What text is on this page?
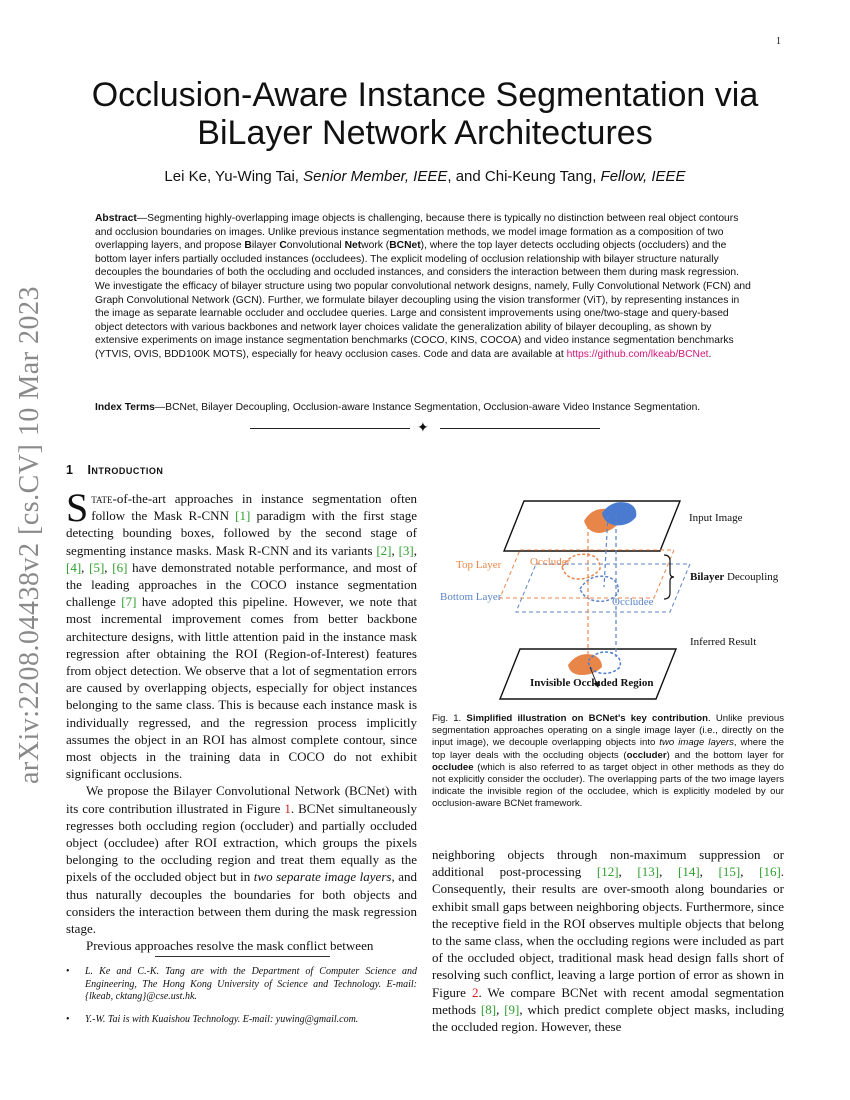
1
arXiv:2208.04438v2 [cs.CV] 10 Mar 2023
Occlusion-Aware Instance Segmentation via
BiLayer Network Architectures
Lei Ke, Yu-Wing Tai, Senior Member, IEEE, and Chi-Keung Tang, Fellow, IEEE
Abstract—Segmenting highly-overlapping image objects is challenging, because there is typically no distinction between real object contours and occlusion boundaries on images. Unlike previous instance segmentation methods, we model image formation as a composition of two overlapping layers, and propose Bilayer Convolutional Network (BCNet), where the top layer detects occluding objects (occluders) and the bottom layer infers partially occluded instances (occludees). The explicit modeling of occlusion relationship with bilayer structure naturally decouples the boundaries of both the occluding and occluded instances, and considers the interaction between them during mask regression. We investigate the efficacy of bilayer structure using two popular convolutional network designs, namely, Fully Convolutional Network (FCN) and Graph Convolutional Network (GCN). Further, we formulate bilayer decoupling using the vision transformer (ViT), by representing instances in the image as separate learnable occluder and occludee queries. Large and consistent improvements using one/two-stage and query-based object detectors with various backbones and network layer choices validate the generalization ability of bilayer decoupling, as shown by extensive experiments on image instance segmentation benchmarks (COCO, KINS, COCOA) and video instance segmentation benchmarks (YTVIS, OVIS, BDD100K MOTS), especially for heavy occlusion cases. Code and data are available at https://github.com/lkeab/BCNet.
Index Terms—BCNet, Bilayer Decoupling, Occlusion-aware Instance Segmentation, Occlusion-aware Video Instance Segmentation.
✦
1 Introduction

State-of-the-art approaches in instance segmentation often follow the Mask R-CNN [1] paradigm with the first stage detecting bounding boxes, followed by the second stage of segmenting instance masks. Mask R-CNN and its variants [2], [3], [4], [5], [6] have demonstrated notable performance, and most of the leading approaches in the COCO instance segmentation challenge [7] have adopted this pipeline. However, we note that most incremental improvement comes from better backbone architecture designs, with little attention paid in the instance mask regression after obtaining the ROI (Region-of-Interest) features from object detection. We observe that a lot of segmentation errors are caused by overlapping objects, especially for object instances belonging to the same class. This is because each instance mask is individually regressed, and the regression process implicitly assumes the object in an ROI has almost complete contour, since most objects in the training data in COCO do not exhibit significant occlusions.

We propose the Bilayer Convolutional Network (BCNet) with its core contribution illustrated in Figure 1. BCNet simultaneously regresses both occluding region (occluder) and partially occluded object (occludee) after ROI extraction, which groups the pixels belonging to the occluding region and treat them equally as the pixels of the occluded object but in two separate image layers, and thus naturally decouples the boundaries for both objects and considers the interaction between them during the mask regression stage.

Previous approaches resolve the mask conflict between

• L. Ke and C.-K. Tang are with the Department of Computer Science and Engineering, The Hong Kong University of Science and Technology. E-mail: {lkeab, cktang}@cse.ust.hk.
• Y.-W. Tai is with Kuaishou Technology. E-mail: yuwing@gmail.com.
Input Image
Top Layer
Bottom Layer
Occluder
Occludee
Bilayer Decoupling
Inferred Result
Invisible Occluded Region
Fig. 1. Simplified illustration on BCNet's key contribution. Unlike previous segmentation approaches operating on a single image layer (i.e., directly on the input image), we decouple overlapping objects into two image layers, where the top layer deals with the occluding objects (occluder) and the bottom layer for occludee (which is also referred to as target object in other methods as they do not explicitly consider the occluder). The overlapping parts of the two image layers indicate the invisible region of the occludee, which is explicitly modeled by our occlusion-aware BCNet framework.

neighboring objects through non-maximum suppression or additional post-processing [12], [13], [14], [15], [16]. Consequently, their results are over-smooth along boundaries or exhibit small gaps between neighboring objects. Furthermore, since the receptive field in the ROI observes multiple objects that belong to the same class, when the occluding regions were included as part of the occluded object, traditional mask head design falls short of resolving such conflict, leaving a large portion of error as shown in Figure 2. We compare BCNet with recent amodal segmentation methods [8], [9], which predict complete object masks, including the occluded region. However, these
